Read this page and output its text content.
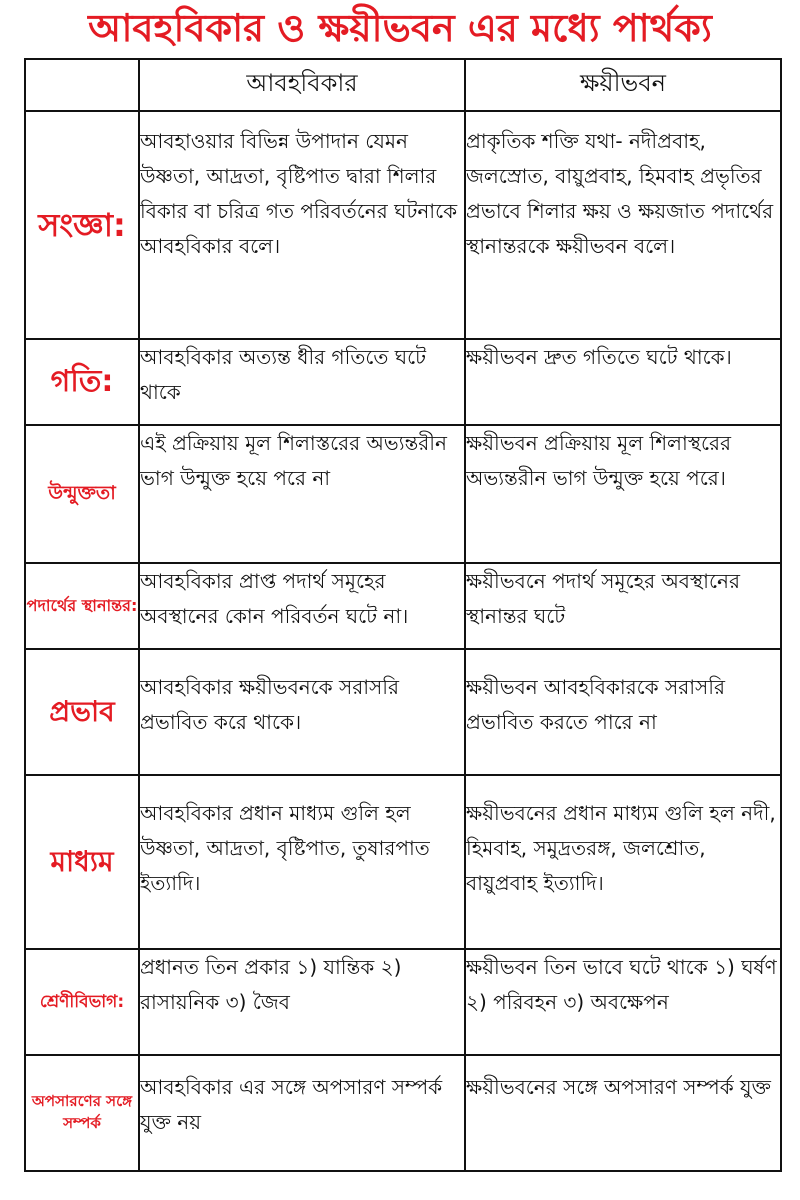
আবহবিকার ও ক্ষয়ীভবন এর মধ্যে পার্থক্য
	আবহবিকার	ক্ষয়ীভবন
সংজ্ঞা:	আবহাওয়ার বিভিন্ন উপাদান যেমন উষ্ণতা, আদ্রতা, বৃষ্টিপাত দ্বারা শিলার বিকার বা চরিত্র গত পরিবর্তনের ঘটনাকে আবহবিকার বলে।	প্রাকৃতিক শক্তি যথা- নদীপ্রবাহ, জলস্রোত, বায়ুপ্রবাহ, হিমবাহ প্রভৃতির প্রভাবে শিলার ক্ষয় ও ক্ষয়জাত পদার্থের স্থানান্তরকে ক্ষয়ীভবন বলে।
গতি:	আবহবিকার অত্যন্ত ধীর গতিতে ঘটে থাকে	ক্ষয়ীভবন দ্রুত গতিতে ঘটে থাকে।
উন্মুক্ততা	এই প্রক্রিয়ায় মূল শিলাস্তরের অভ্যন্তরীন ভাগ উন্মুক্ত হয়ে পরে না	ক্ষয়ীভবন প্রক্রিয়ায় মূল শিলাস্থরের অভ্যন্তরীন ভাগ উন্মুক্ত হয়ে পরে।
পদার্থের স্থানান্তর:	আবহবিকার প্রাপ্ত পদার্থ সমূহের অবস্থানের কোন পরিবর্তন ঘটে না।	ক্ষয়ীভবনে পদার্থ সমূহের অবস্থানের স্থানান্তর ঘটে
প্রভাব	আবহবিকার ক্ষয়ীভবনকে সরাসরি প্রভাবিত করে থাকে।	ক্ষয়ীভবন আবহবিকারকে সরাসরি প্রভাবিত করতে পারে না
মাধ্যম	আবহবিকার প্রধান মাধ্যম গুলি হল উষ্ণতা, আদ্রতা, বৃষ্টিপাত, তুষারপাত ইত্যাদি।	ক্ষয়ীভবনের প্রধান মাধ্যম গুলি হল নদী, হিমবাহ, সমুদ্রতরঙ্গ, জলশ্রোত, বায়ুপ্রবাহ ইত্যাদি।
শ্রেণীবিভাগ:	প্রধানত তিন প্রকার ১) যান্তিক ২) রাসায়নিক ৩) জৈব	ক্ষয়ীভবন তিন ভাবে ঘটে থাকে ১) ঘর্ষণ ২) পরিবহন ৩) অবক্ষেপন
অপসারণের সঙ্গে সম্পর্ক	আবহবিকার এর সঙ্গে অপসারণ সম্পর্ক যুক্ত নয়	ক্ষয়ীভবনের সঙ্গে অপসারণ সম্পর্ক যুক্ত
